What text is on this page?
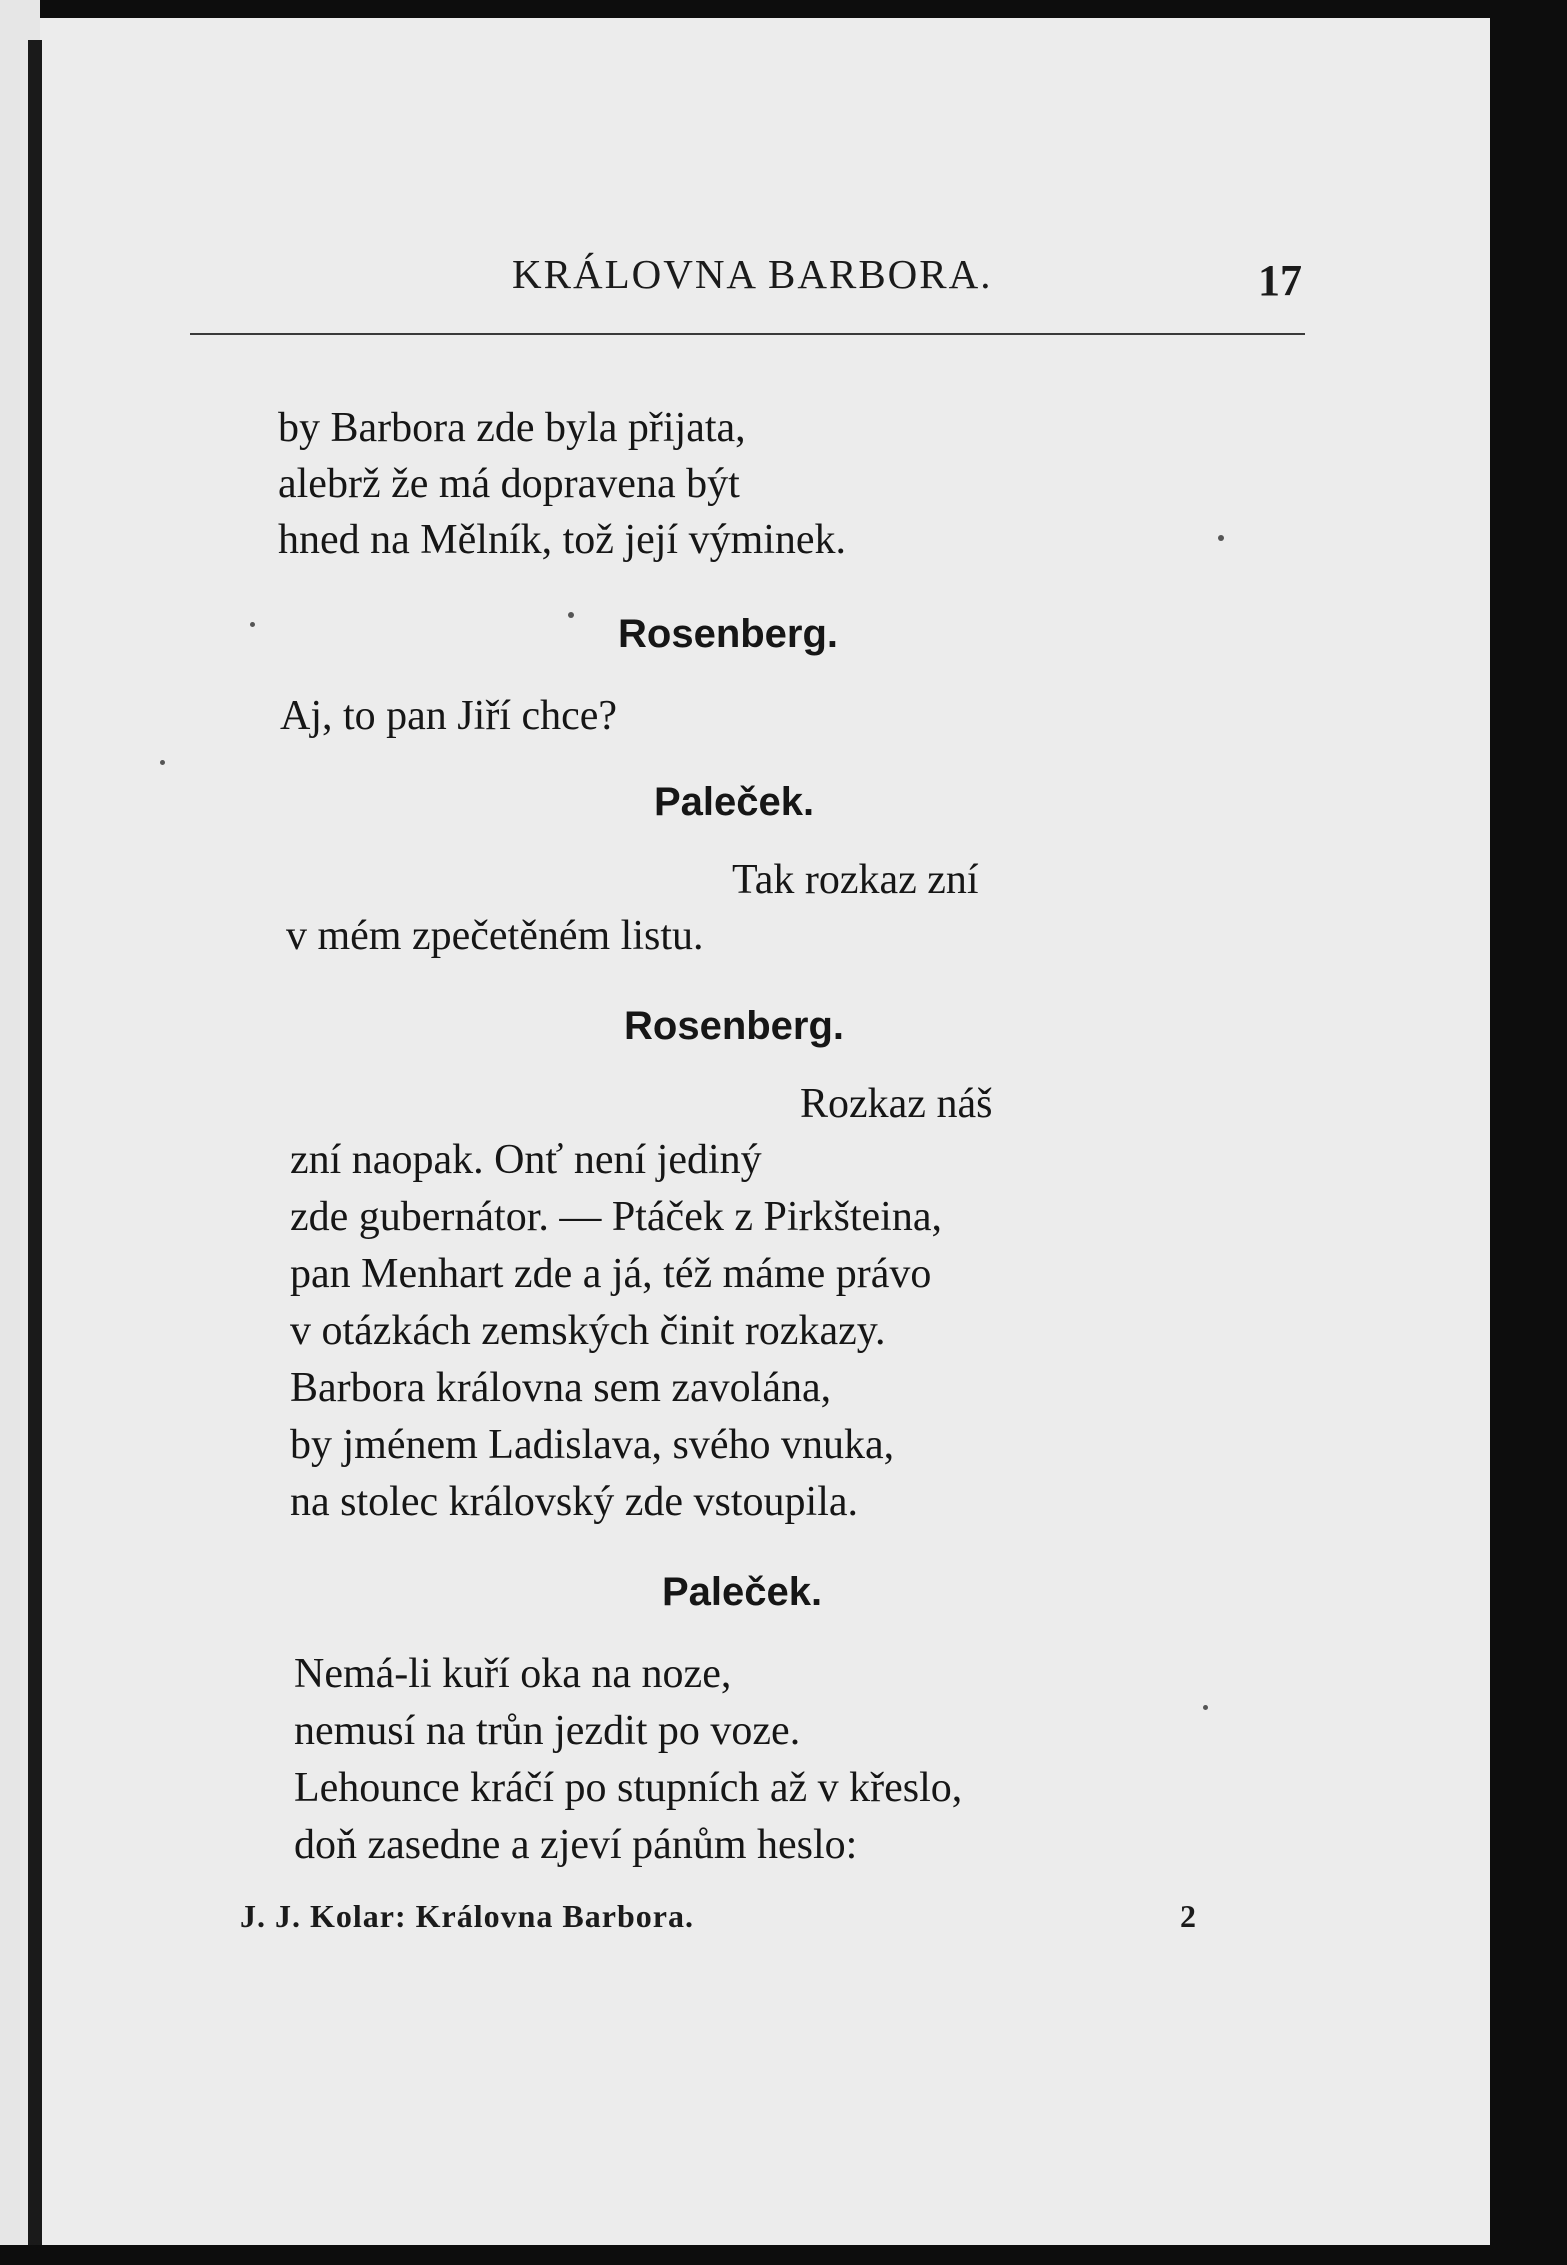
KRÁLOVNA BARBORA.	17
by Barbora zde byla přijata,
alebrž že má dopravena být
hned na Mělník, tož její výminek.
Rosenberg.
Aj, to pan Jiří chce?
Paleček.
Tak rozkaz zní
v mém zpečetěném listu.
Rosenberg.
Rozkaz náš
zní naopak. Onť není jediný
zde gubernátor. — Ptáček z Pirkšteina,
pan Menhart zde a já, též máme právo
v otázkách zemských činit rozkazy.
Barbora královna sem zavolána,
by jménem Ladislava, svého vnuka,
na stolec královský zde vstoupila.
Paleček.
Nemá-li kuří oka na noze,
nemusí na trůn jezdit po voze.
Lehounce kráčí po stupních až v křeslo,
doň zasedne a zjeví pánům heslo:
J. J. Kolar: Královna Barbora.	2
